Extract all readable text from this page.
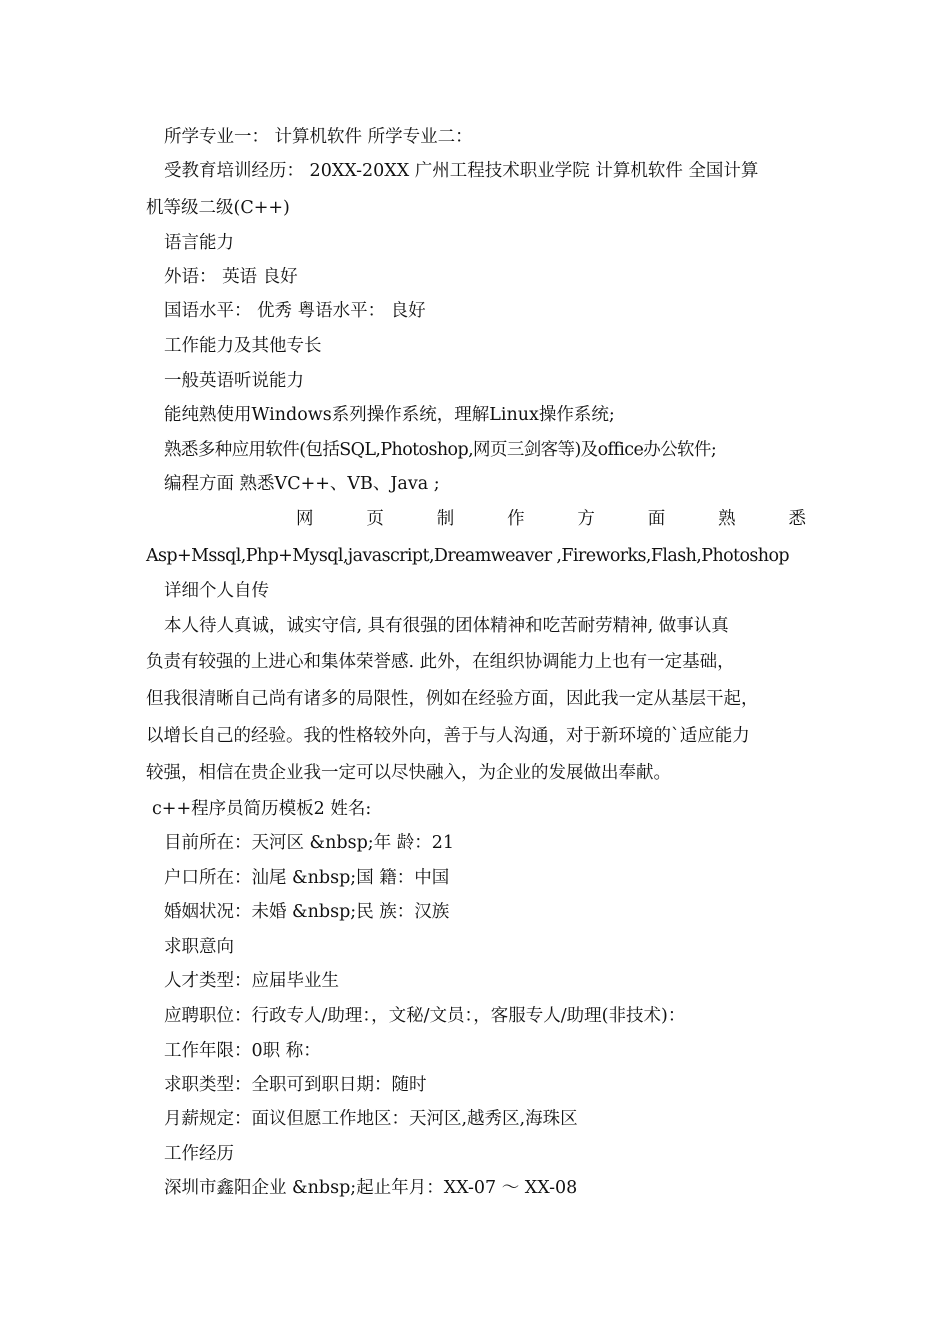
所学专业一： 计算机软件 所学专业二：
受教育培训经历： 20XX-20XX 广州工程技术职业学院 计算机软件 全国计算
机等级二级(C++)
语言能力
外语： 英语 良好
国语水平： 优秀 粤语水平： 良好
工作能力及其他专长
一般英语听说能力
能纯熟使用Windows系列操作系统，理解Linux操作系统;
熟悉多种应用软件(包括SQL,Photoshop,网页三剑客等)及office办公软件;
编程方面 熟悉VC++、VB、Java ;
网 页 制 作 方 面 熟 悉
Asp+Mssql,Php+Mysql,javascript,Dreamweaver ,Fireworks,Flash,Photoshop
详细个人自传
本人待人真诚，诚实守信, 具有很强的团体精神和吃苦耐劳精神, 做事认真
负责有较强的上进心和集体荣誉感. 此外，在组织协调能力上也有一定基础，
但我很清晰自己尚有诸多的局限性，例如在经验方面，因此我一定从基层干起，
以增长自己的经验。我的性格较外向，善于与人沟通，对于新环境的`适应能力
较强，相信在贵企业我一定可以尽快融入，为企业的发展做出奉献。
c++程序员简历模板2 姓名:
目前所在：天河区 &nbsp;年 龄：21
户口所在：汕尾 &nbsp;国 籍：中国
婚姻状况：未婚 &nbsp;民 族：汉族
求职意向
人才类型：应届毕业生
应聘职位：行政专人/助理：，文秘/文员：，客服专人/助理(非技术)：
工作年限：0职 称：
求职类型：全职可到职日期：随时
月薪规定：面议但愿工作地区：天河区,越秀区,海珠区
工作经历
深圳市鑫阳企业 &nbsp;起止年月：XX-07 ～ XX-08
